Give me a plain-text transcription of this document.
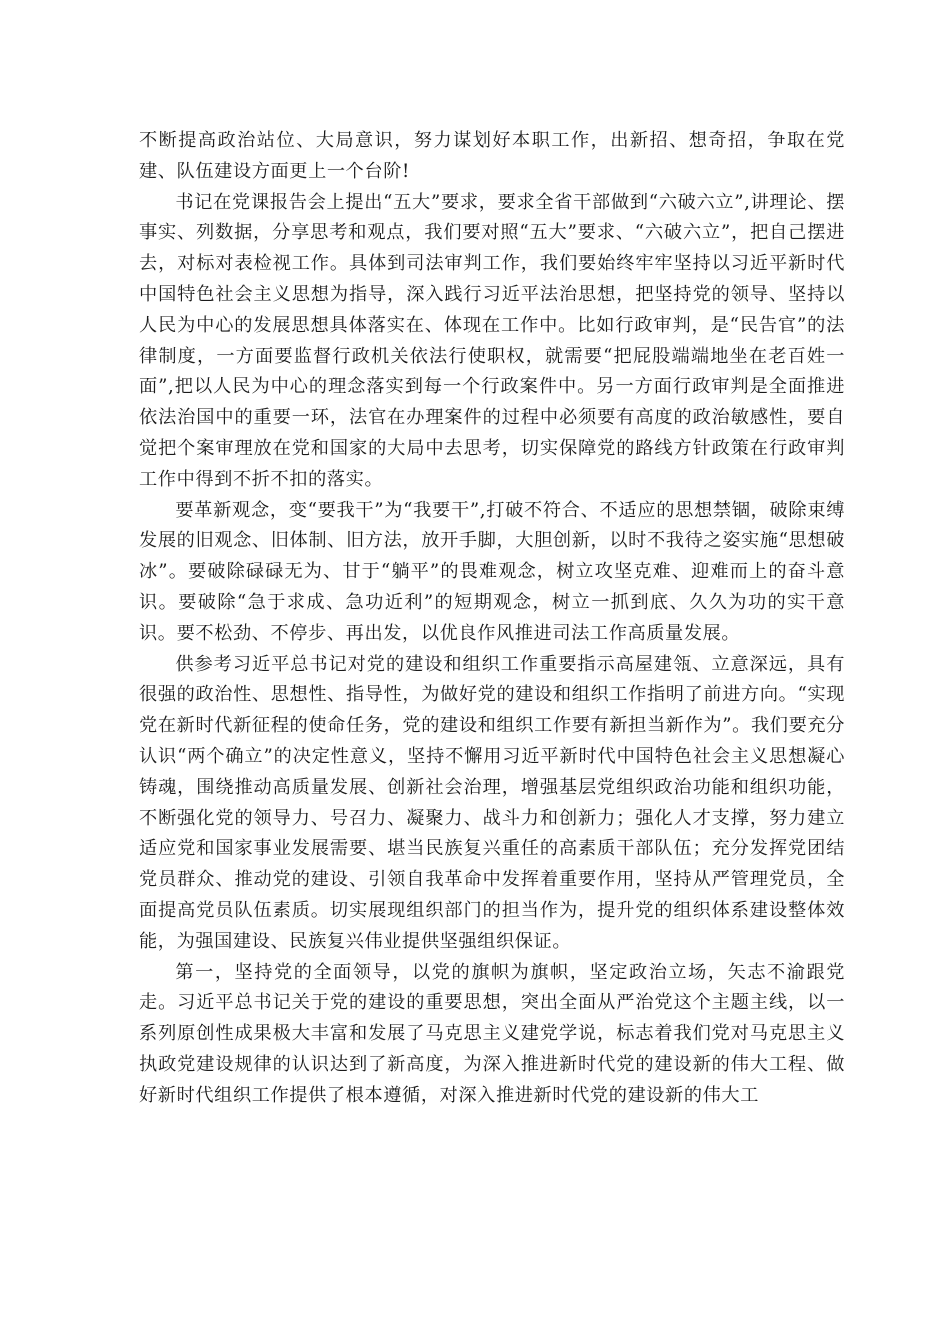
不断提高政治站位、大局意识，努力谋划好本职工作，出新招、想奇招，争取在党建、队伍建设方面更上一个台阶!

书记在党课报告会上提出“五大”要求，要求全省干部做到“六破六立”,讲理论、摆事实、列数据，分享思考和观点，我们要对照“五大”要求、“六破六立”，把自己摆进去，对标对表检视工作。具体到司法审判工作，我们要始终牢牢坚持以习近平新时代中国特色社会主义思想为指导，深入践行习近平法治思想，把坚持党的领导、坚持以人民为中心的发展思想具体落实在、体现在工作中。比如行政审判，是“民告官”的法律制度，一方面要监督行政机关依法行使职权，就需要“把屁股端端地坐在老百姓一面”,把以人民为中心的理念落实到每一个行政案件中。另一方面行政审判是全面推进依法治国中的重要一环，法官在办理案件的过程中必须要有高度的政治敏感性，要自觉把个案审理放在党和国家的大局中去思考，切实保障党的路线方针政策在行政审判工作中得到不折不扣的落实。

要革新观念，变“要我干”为“我要干”,打破不符合、不适应的思想禁锢，破除束缚发展的旧观念、旧体制、旧方法，放开手脚，大胆创新，以时不我待之姿实施“思想破冰”。要破除碌碌无为、甘于“躺平”的畏难观念，树立攻坚克难、迎难而上的奋斗意识。要破除“急于求成、急功近利”的短期观念，树立一抓到底、久久为功的实干意识。要不松劲、不停步、再出发，以优良作风推进司法工作高质量发展。

供参考习近平总书记对党的建设和组织工作重要指示高屋建瓴、立意深远，具有很强的政治性、思想性、指导性，为做好党的建设和组织工作指明了前进方向。“实现党在新时代新征程的使命任务，党的建设和组织工作要有新担当新作为”。我们要充分认识“两个确立”的决定性意义，坚持不懈用习近平新时代中国特色社会主义思想凝心铸魂，围绕推动高质量发展、创新社会治理，增强基层党组织政治功能和组织功能，不断强化党的领导力、号召力、凝聚力、战斗力和创新力；强化人才支撑，努力建立适应党和国家事业发展需要、堪当民族复兴重任的高素质干部队伍；充分发挥党团结党员群众、推动党的建设、引领自我革命中发挥着重要作用，坚持从严管理党员，全面提高党员队伍素质。切实展现组织部门的担当作为，提升党的组织体系建设整体效能，为强国建设、民族复兴伟业提供坚强组织保证。

第一，坚持党的全面领导，以党的旗帜为旗帜，坚定政治立场，矢志不渝跟党走。习近平总书记关于党的建设的重要思想，突出全面从严治党这个主题主线，以一系列原创性成果极大丰富和发展了马克思主义建党学说，标志着我们党对马克思主义执政党建设规律的认识达到了新高度，为深入推进新时代党的建设新的伟大工程、做好新时代组织工作提供了根本遵循，对深入推进新时代党的建设新的伟大工
